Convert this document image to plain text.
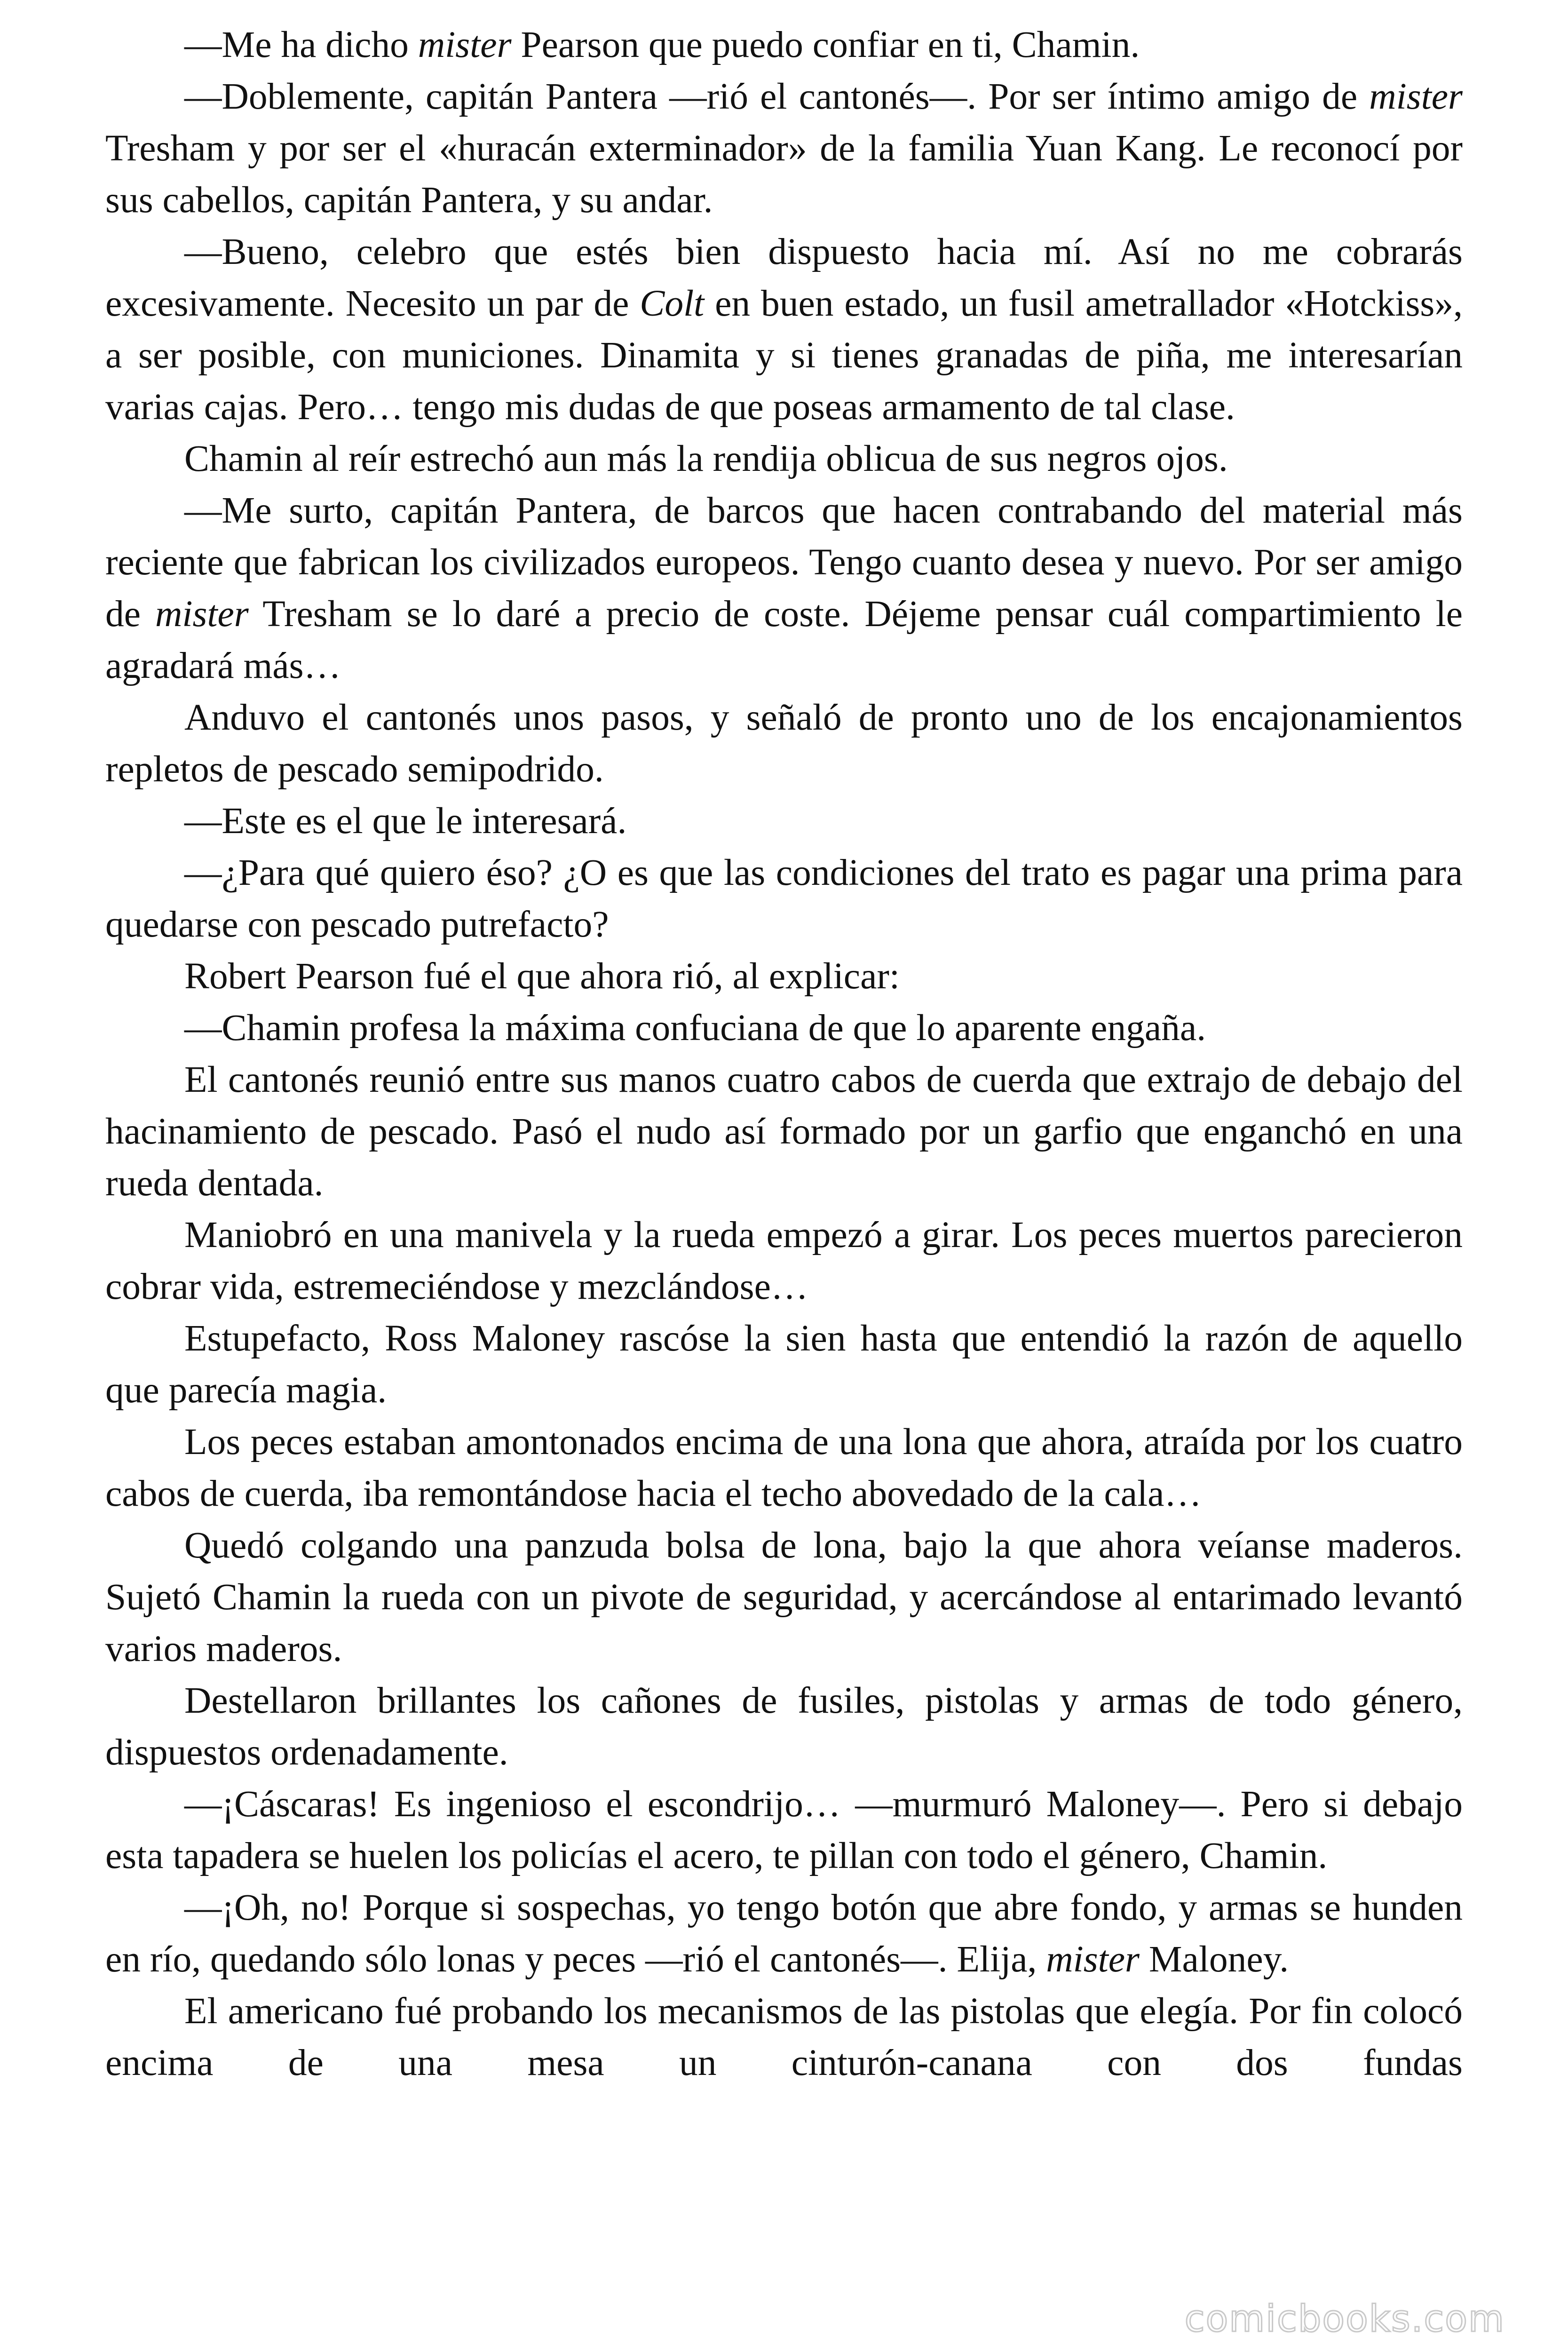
—Me ha dicho mister Pearson que puedo confiar en ti, Chamin.

—Doblemente, capitán Pantera —rió el cantonés—. Por ser íntimo amigo de mister Tresham y por ser el «huracán exterminador» de la familia Yuan Kang. Le reconocí por sus cabellos, capitán Pantera, y su andar.

—Bueno, celebro que estés bien dispuesto hacia mí. Así no me cobrarás excesivamente. Necesito un par de Colt en buen estado, un fusil ametrallador «Hotckiss», a ser posible, con municiones. Dinamita y si tienes granadas de piña, me interesarían varias cajas. Pero… tengo mis dudas de que poseas armamento de tal clase.

Chamin al reír estrechó aun más la rendija oblicua de sus negros ojos.

—Me surto, capitán Pantera, de barcos que hacen contrabando del material más reciente que fabrican los civilizados europeos. Tengo cuanto desea y nuevo. Por ser amigo de mister Tresham se lo daré a precio de coste. Déjeme pensar cuál compartimiento le agradará más…

Anduvo el cantonés unos pasos, y señaló de pronto uno de los encajonamientos repletos de pescado semipodrido.

—Este es el que le interesará.

—¿Para qué quiero éso? ¿O es que las condiciones del trato es pagar una prima para quedarse con pescado putrefacto?

Robert Pearson fué el que ahora rió, al explicar:

—Chamin profesa la máxima confuciana de que lo aparente engaña.

El cantonés reunió entre sus manos cuatro cabos de cuerda que extrajo de debajo del hacinamiento de pescado. Pasó el nudo así formado por un garfio que enganchó en una rueda dentada.

Maniobró en una manivela y la rueda empezó a girar. Los peces muertos parecieron cobrar vida, estremeciéndose y mezclándose…

Estupefacto, Ross Maloney rascóse la sien hasta que entendió la razón de aquello que parecía magia.

Los peces estaban amontonados encima de una lona que ahora, atraída por los cuatro cabos de cuerda, iba remontándose hacia el techo abovedado de la cala…

Quedó colgando una panzuda bolsa de lona, bajo la que ahora veíanse maderos. Sujetó Chamin la rueda con un pivote de seguridad, y acercándose al entarimado levantó varios maderos.

Destellaron brillantes los cañones de fusiles, pistolas y armas de todo género, dispuestos ordenadamente.

—¡Cáscaras! Es ingenioso el escondrijo… —murmuró Maloney—. Pero si debajo esta tapadera se huelen los policías el acero, te pillan con todo el género, Chamin.

—¡Oh, no! Porque si sospechas, yo tengo botón que abre fondo, y armas se hunden en río, quedando sólo lonas y peces —rió el cantonés—. Elija, mister Maloney.

El americano fué probando los mecanismos de las pistolas que elegía. Por fin colocó encima de una mesa un cinturón-canana con dos fundas

comicbooks.com
